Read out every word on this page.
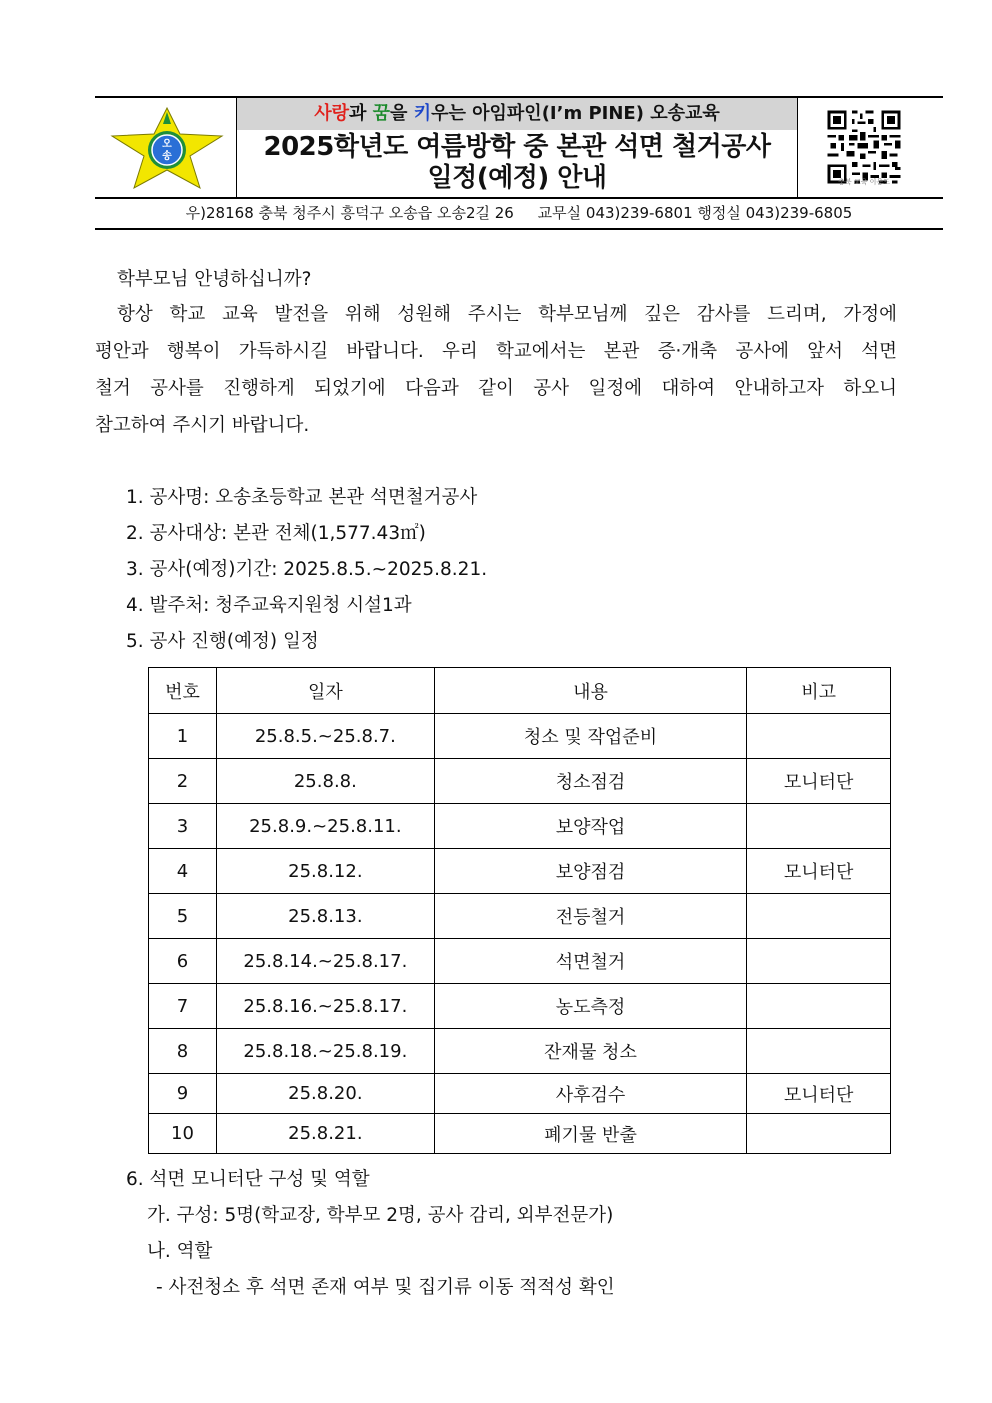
오
송
사랑과 꿈을 키우는 아임파인(I’m PINE) 오송교육
2025학년도 여름방학 중 본관 석면 철거공사
일정(예정) 안내	충북 교육 이용도
우)28168 충북 청주시 흥덕구 오송읍 오송2길 26     교무실 043)239-6801 행정실 043)239-6805
학부모님 안녕하십니까?
항상 학교 교육 발전을 위해 성원해 주시는 학부모님께 깊은 감사를 드리며, 가정에
평안과 행복이 가득하시길 바랍니다. 우리 학교에서는 본관 증·개축 공사에 앞서 석면
철거 공사를 진행하게 되었기에 다음과 같이 공사 일정에 대하여 안내하고자 하오니
참고하여 주시기 바랍니다.
1. 공사명: 오송초등학교 본관 석면철거공사
2. 공사대상: 본관 전체(1,577.43㎡)
3. 공사(예정)기간: 2025.8.5.~2025.8.21.
4. 발주처: 청주교육지원청 시설1과
5. 공사 진행(예정) 일정
번호	일자	내용	비고
1	25.8.5.~25.8.7.	청소 및 작업준비	
2	25.8.8.	청소점검	모니터단
3	25.8.9.~25.8.11.	보양작업	
4	25.8.12.	보양점검	모니터단
5	25.8.13.	전등철거	
6	25.8.14.~25.8.17.	석면철거	
7	25.8.16.~25.8.17.	농도측정	
8	25.8.18.~25.8.19.	잔재물 청소	
9	25.8.20.	사후검수	모니터단
10	25.8.21.	폐기물 반출	
6. 석면 모니터단 구성 및 역할
가. 구성: 5명(학교장, 학부모 2명, 공사 감리, 외부전문가)
나. 역할
- 사전청소 후 석면 존재 여부 및 집기류 이동 적적성 확인
